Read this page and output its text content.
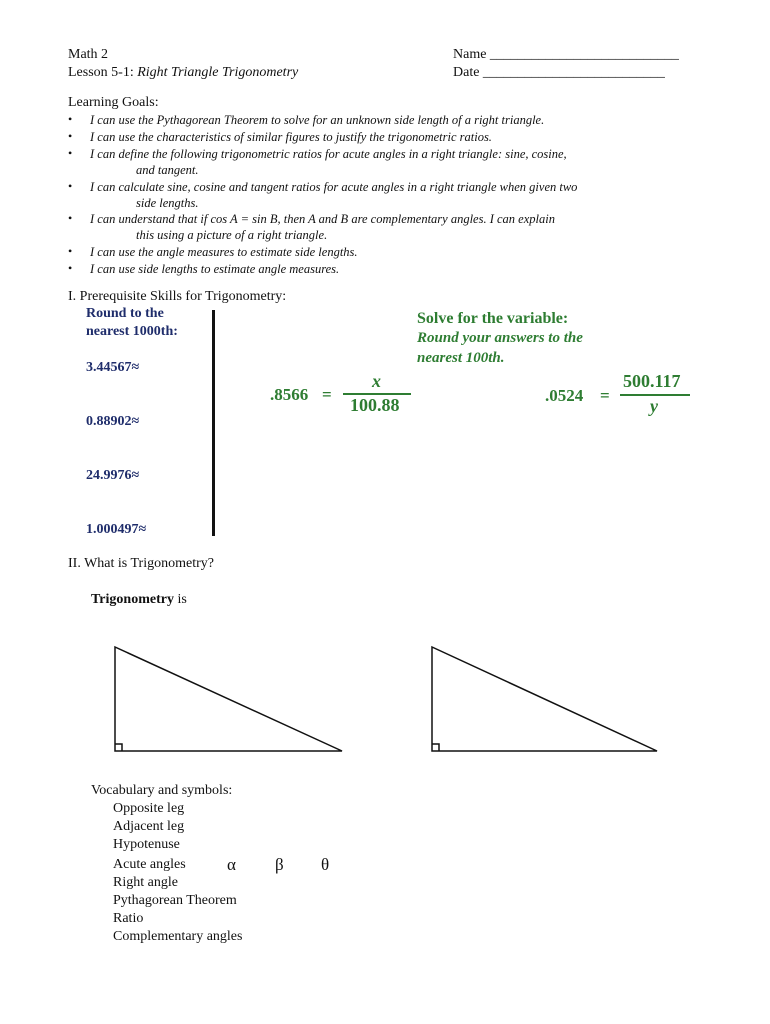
Math 2
Lesson 5-1: Right Triangle Trigonometry
Name ___________________________
Date __________________________
Learning Goals:
• I can use the Pythagorean Theorem to solve for an unknown side length of a right triangle.
• I can use the characteristics of similar figures to justify the trigonometric ratios.
• I can define the following trigonometric ratios for acute angles in a right triangle: sine, cosine,
and tangent.
• I can calculate sine, cosine and tangent ratios for acute angles in a right triangle when given two
side lengths.
• I can understand that if cos A = sin B, then A and B are complementary angles. I can explain
this using a picture of a right triangle.
• I can use the angle measures to estimate side lengths.
• I can use side lengths to estimate angle measures.
I. Prerequisite Skills for Trigonometry:
Round to the
nearest 1000th:
3.44567≈
0.88902≈
24.9976≈
1.000497≈
Solve for the variable:
Round your answers to the
nearest 100th.
.8566 =
x
100.88	.0524 =
500.117
y
II. What is Trigonometry?
Trigonometry is
Vocabulary and symbols:
Opposite leg
Adjacent leg
Hypotenuse
Acute angles α β θ
Right angle
Pythagorean Theorem
Ratio
Complementary angles
